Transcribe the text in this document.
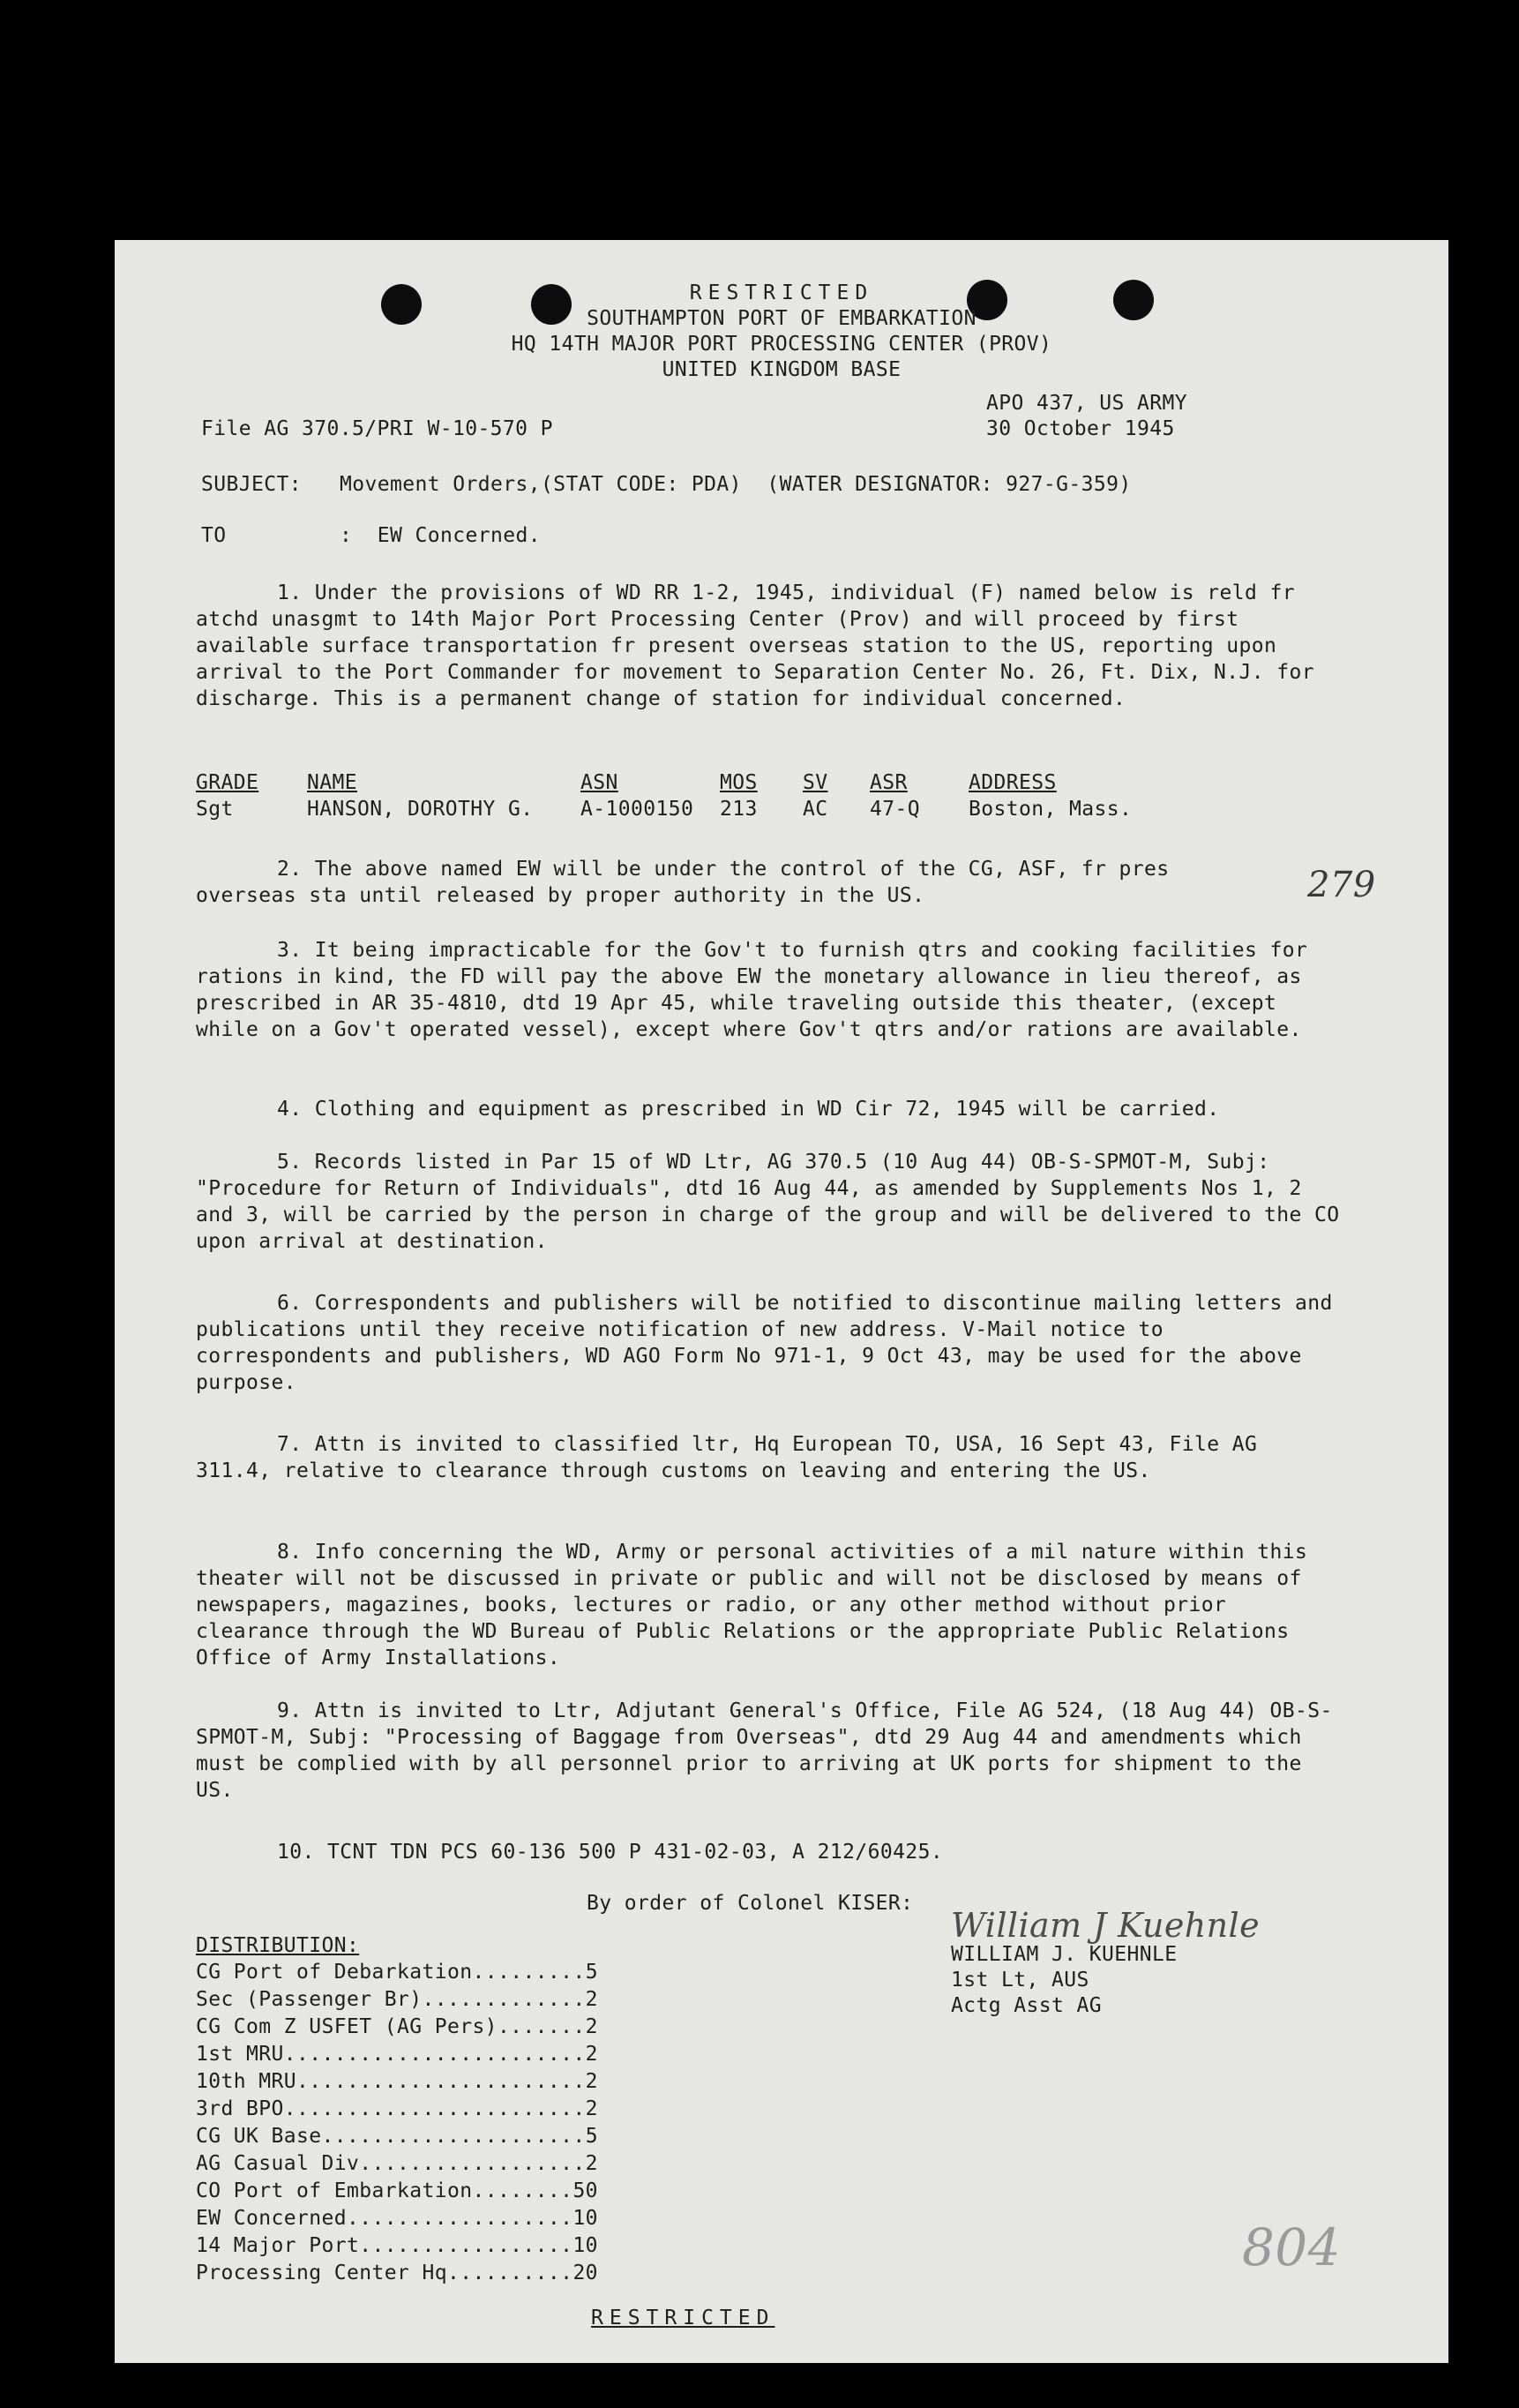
RESTRICTED
SOUTHAMPTON PORT OF EMBARKATION
HQ 14TH MAJOR PORT PROCESSING CENTER (PROV)
UNITED KINGDOM BASE
APO 437, US ARMY
File AG 370.5/PRI W-10-570 P	30 October 1945
SUBJECT: Movement Orders,(STAT CODE: PDA)  (WATER DESIGNATOR: 927-G-359)
TO	:  EW Concerned.
1. Under the provisions of WD RR 1-2, 1945, individual (F) named below is reld fr atchd unasgmt to 14th Major Port Processing Center (Prov) and will proceed by first available surface transportation fr present overseas station to the US, reporting upon arrival to the Port Commander for movement to Separation Center No. 26, Ft. Dix, N.J. for discharge. This is a permanent change of station for individual concerned.
GRADE NAME	ASN	MOS SV ASR	ADDRESS
Sgt	HANSON, DOROTHY G. A-1000150 213 AC 47-Q Boston, Mass.
2. The above named EW will be under the control of the CG, ASF, fr pres overseas sta until released by proper authority in the US.	279
3. It being impracticable for the Gov't to furnish qtrs and cooking facilities for rations in kind, the FD will pay the above EW the monetary allowance in lieu thereof, as prescribed in AR 35-4810, dtd 19 Apr 45, while traveling outside this theater, (except while on a Gov't operated vessel), except where Gov't qtrs and/or rations are available.
4. Clothing and equipment as prescribed in WD Cir 72, 1945 will be carried.
5. Records listed in Par 15 of WD Ltr, AG 370.5 (10 Aug 44) OB-S-SPMOT-M, Subj: "Procedure for Return of Individuals", dtd 16 Aug 44, as amended by Supplements Nos 1, 2 and 3, will be carried by the person in charge of the group and will be delivered to the CO upon arrival at destination.
6. Correspondents and publishers will be notified to discontinue mailing letters and publications until they receive notification of new address. V-Mail notice to correspondents and publishers, WD AGO Form No 971-1, 9 Oct 43, may be used for the above purpose.
7. Attn is invited to classified ltr, Hq European TO, USA, 16 Sept 43, File AG 311.4, relative to clearance through customs on leaving and entering the US.
8. Info concerning the WD, Army or personal activities of a mil nature within this theater will not be discussed in private or public and will not be disclosed by means of newspapers, magazines, books, lectures or radio, or any other method without prior clearance through the WD Bureau of Public Relations or the appropriate Public Relations Office of Army Installations.
9. Attn is invited to Ltr, Adjutant General's Office, File AG 524, (18 Aug 44) OB-S-SPMOT-M, Subj: "Processing of Baggage from Overseas", dtd 29 Aug 44 and amendments which must be complied with by all personnel prior to arriving at UK ports for shipment to the US.
10. TCNT TDN PCS 60-136 500 P 431-02-03, A 212/60425.
By order of Colonel KISER:
William J Kuehnle
WILLIAM J. KUEHNLE
1st Lt, AUS
Actg Asst AG
DISTRIBUTION:
CG Port of Debarkation.........5
Sec (Passenger Br).............2
CG Com Z USFET (AG Pers).......2
1st MRU........................2
10th MRU.......................2
3rd BPO........................2
CG UK Base.....................5
AG Casual Div..................2
CO Port of Embarkation........50
EW Concerned..................10
14 Major Port.................10
Processing Center Hq..........20	804
RESTRICTED
